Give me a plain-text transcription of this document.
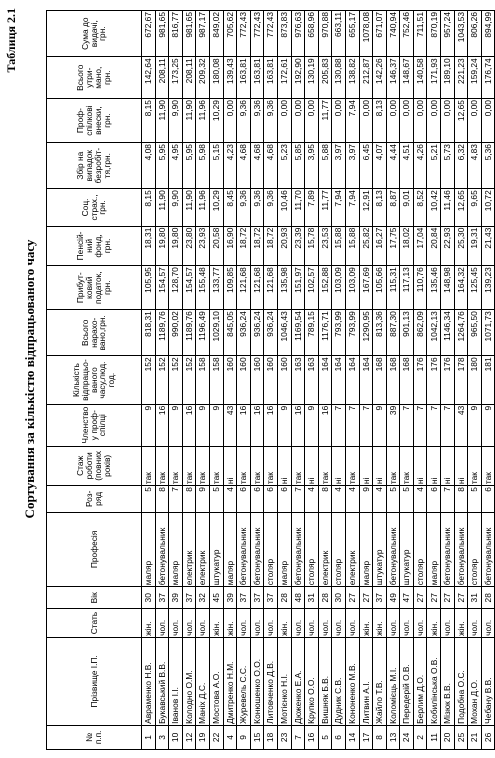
Таблиця 2.1
Сортування за кількістю відпрацьованого часу
№ п.п.	Прізвище І.П.	Стать	Вік	Професія	Роз-ряд	Стаж роботи (повних років)	Членство у проф-спілці	Кількість відпрацьо-ваного часу,люд. год.	Всього нарахо-вано,грн.	Прибут-ковий податок, грн.	Пенсій-ний фонд, грн.	Соц. страх., грн.	Збір на випадок безробіт-тя,грн.	Проф-спілкові внески, грн.	Всього утри-мано, грн.	Сума до видачі, грн.
1	Авраменко Н.В.	жін.	30	маляр	5	так	9	152	818,31	105,95	18,31	8,15	4,08	8,15	142,64	672,67
3	Букавський В.В.	чол.	37	бетонувальник	8	так	16	152	1189,76	154,57	19,80	11,90	5,95	11,90	208,11	981,65
10	Іванов І.І.	чол.	39	маляр	7	так	9	152	990,02	128,70	19,80	9,90	4,95	9,90	173,25	816,77
12	Колодно О.М.	чол.	37	електрик	8	так	16	152	1189,76	154,57	23,80	11,90	5,95	11,90	208,11	981,65
19	Маніх Д.С.	чол.	32	електрик	9	так	9	158	1196,49	155,48	23,93	11,96	5,98	11,96	209,32	987,17
22	Мостова А.О.	жін.	45	штукатур	5	так	9	158	1029,10	133,77	20,58	10,29	5,15	10,29	180,08	849,02
4	Дмитренко Н.М.	жін.	39	маляр	4	ні	43	160	845,05	109,85	16,90	8,45	4,23	0,00	139,43	705,62
9	Журевель С.С.	чол.	37	бетонувальник	6	так	16	160	936,24	121,68	18,72	9,36	4,68	9,36	163,81	772,43
15	Конюшенко О.О.	чол.	37	бетонувальник	6	так	16	160	936,24	121,68	18,72	9,36	4,68	9,36	163,81	772,43
18	Литовченко Д.В.	чол.	37	столяр	6	так	16	160	936,24	121,68	18,72	9,36	4,68	9,36	163,81	772,43
23	Мотієнко Н.І.	жін.	28	маляр	6	ні	9	160	1046,43	135,98	20,93	10,46	5,23	0,00	172,61	873,83
7	Дюженко Е.А.	чол.	48	бетонувальник	7	так	16	163	1169,54	151,97	23,39	11,70	5,85	0,00	192,90	976,63
16	Крупко О.О.	чол.	31	столяр	4	ні	9	163	789,15	102,57	15,78	7,89	3,95	0,00	130,19	658,96
5	Вишняк Б.В.	чол.	28	електрик	8	так	16	164	1176,71	152,88	23,53	11,77	5,88	11,77	205,83	970,88
6	Дудник С.В.	чол.	30	столяр	4	ні	7	164	793,99	103,09	15,88	7,94	3,97	0,00	130,88	663,11
14	Кононенко М.В.	чол.	27	електрик	4	так	7	164	793,99	103,09	15,88	7,94	3,97	7,94	138,82	655,17
17	Литвин А.І.	жін.	27	маляр	9	ні	7	164	1290,95	167,69	25,82	12,91	6,45	0,00	212,87	1078,08
8	Жайло Т.В.	жін.	37	штукатур	4	ні	9	168	813,36	105,66	16,27	8,13	4,07	8,13	142,26	671,07
13	Коломієць М.І.	чол.	49	бетонувальник	5	так	39	168	887,30	115,31	17,75	8,87	4,44	0,00	146,37	740,94
24	Передерій О.В.	чол.	47	штукатур	5	так	7	168	901,13	117,13	18,02	9,01	4,51	0,00	148,67	752,46
2	Берлим Д.О.	чол.	27	столяр	4	ні	7	176	862,09	110,76	17,04	8,52	4,26	0,00	140,58	711,51
11	Кобилінська О.В.	жін.	27	маляр	6	ні	7	176	1042,13	135,46	20,84	10,42	5,21	0,00	171,93	870,19
20	Мізюк В.В.	чол.	27	бетонувальник	7	ні	7	176	1146,34	148,98	22,93	11,46	5,73	0,00	189,10	957,24
25	Подобна О.С.	жін.	27	бетонувальник	8	ні	43	178	1264,76	164,32	25,30	12,65	6,32	12,65	221,23	1043,53
21	Мохан Д.О.	чол.	31	столяр	5	так	9	180	965,50	125,45	19,31	9,65	4,83	0,00	159,24	806,26
26	Чебану В.В.	чол.	28	бетонувальник	6	так	9	181	1071,73	139,23	21,43	10,72	5,36	0,00	176,74	894,99
